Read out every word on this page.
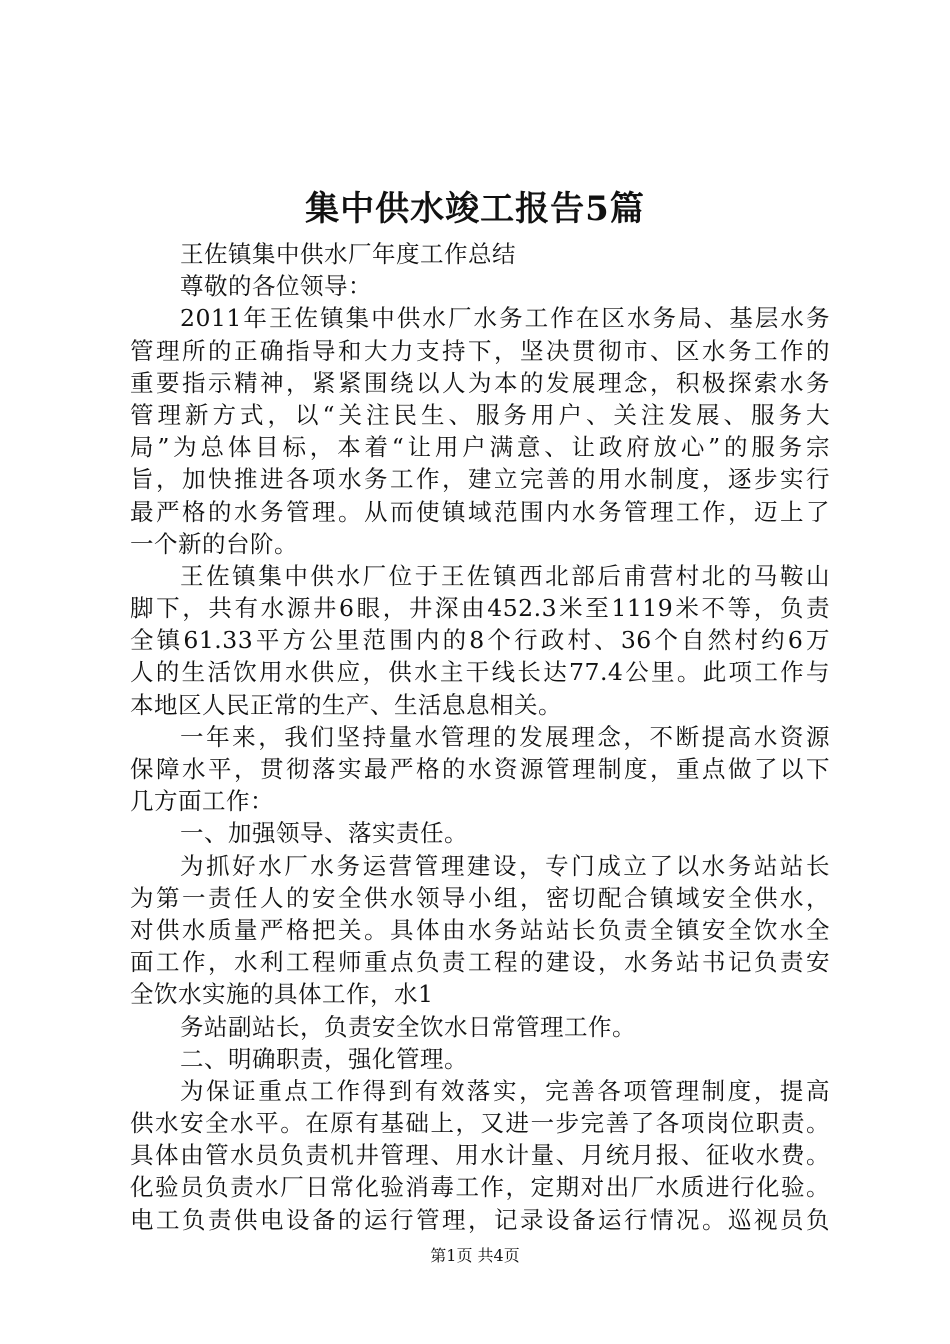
集中供水竣工报告5篇
王佐镇集中供水厂年度工作总结
尊敬的各位领导：
2011年王佐镇集中供水厂水务工作在区水务局、基层水务
管理所的正确指导和大力支持下，坚决贯彻市、区水务工作的
重要指示精神，紧紧围绕以人为本的发展理念，积极探索水务
管理新方式，以“关注民生、服务用户、关注发展、服务大
局”为总体目标，本着“让用户满意、让政府放心”的服务宗
旨，加快推进各项水务工作，建立完善的用水制度，逐步实行
最严格的水务管理。从而使镇域范围内水务管理工作，迈上了
一个新的台阶。
王佐镇集中供水厂位于王佐镇西北部后甫营村北的马鞍山
脚下，共有水源井6眼，井深由452.3米至1119米不等，负责
全镇61.33平方公里范围内的8个行政村、36个自然村约6万
人的生活饮用水供应，供水主干线长达77.4公里。此项工作与
本地区人民正常的生产、生活息息相关。
一年来，我们坚持量水管理的发展理念，不断提高水资源
保障水平，贯彻落实最严格的水资源管理制度，重点做了以下
几方面工作：
一、加强领导、落实责任。
为抓好水厂水务运营管理建设，专门成立了以水务站站长
为第一责任人的安全供水领导小组，密切配合镇域安全供水，
对供水质量严格把关。具体由水务站站长负责全镇安全饮水全
面工作，水利工程师重点负责工程的建设，水务站书记负责安
全饮水实施的具体工作，水1
务站副站长，负责安全饮水日常管理工作。
二、明确职责，强化管理。
为保证重点工作得到有效落实，完善各项管理制度，提高
供水安全水平。在原有基础上，又进一步完善了各项岗位职责。
具体由管水员负责机井管理、用水计量、月统月报、征收水费。
化验员负责水厂日常化验消毒工作，定期对出厂水质进行化验。
电工负责供电设备的运行管理，记录设备运行情况。巡视员负
第1页 共4页
